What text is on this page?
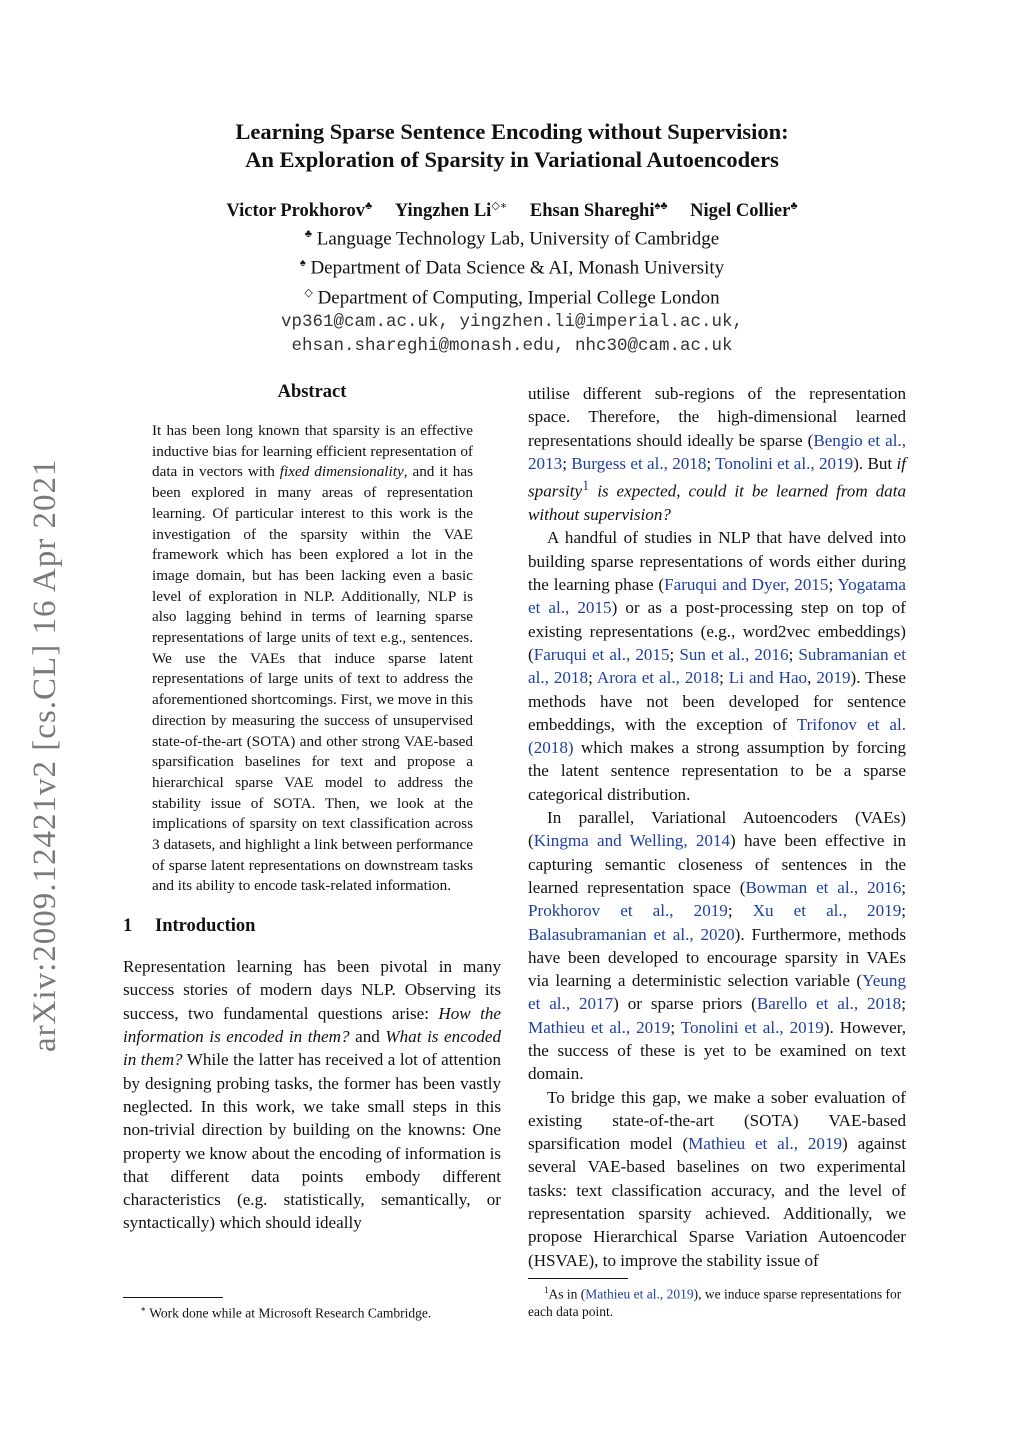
arXiv:2009.12421v2 [cs.CL] 16 Apr 2021
Learning Sparse Sentence Encoding without Supervision:
An Exploration of Sparsity in Variational Autoencoders
Victor Prokhorov♣ Yingzhen Li◇∗ Ehsan Shareghi♠♣ Nigel Collier♣
♣ Language Technology Lab, University of Cambridge
♠ Department of Data Science & AI, Monash University
◇ Department of Computing, Imperial College London
vp361@cam.ac.uk, yingzhen.li@imperial.ac.uk,
ehsan.shareghi@monash.edu, nhc30@cam.ac.uk
Abstract

It has been long known that sparsity is an effective inductive bias for learning efficient representation of data in vectors with fixed dimensionality, and it has been explored in many areas of representation learning. Of particular interest to this work is the investigation of the sparsity within the VAE framework which has been explored a lot in the image domain, but has been lacking even a basic level of exploration in NLP. Additionally, NLP is also lagging behind in terms of learning sparse representations of large units of text e.g., sentences. We use the VAEs that induce sparse latent representations of large units of text to address the aforementioned shortcomings. First, we move in this direction by measuring the success of unsupervised state-of-the-art (SOTA) and other strong VAE-based sparsification baselines for text and propose a hierarchical sparse VAE model to address the stability issue of SOTA. Then, we look at the implications of sparsity on text classification across 3 datasets, and highlight a link between performance of sparse latent representations on downstream tasks and its ability to encode task-related information.

1 Introduction

Representation learning has been pivotal in many success stories of modern days NLP. Observing its success, two fundamental questions arise: How the information is encoded in them? and What is encoded in them? While the latter has received a lot of attention by designing probing tasks, the former has been vastly neglected. In this work, we take small steps in this non-trivial direction by building on the knowns: One property we know about the encoding of information is that different data points embody different characteristics (e.g. statistically, semantically, or syntactically) which should ideally

utilise different sub-regions of the representation space. Therefore, the high-dimensional learned representations should ideally be sparse (Bengio et al., 2013; Burgess et al., 2018; Tonolini et al., 2019). But if sparsity$^1$ is expected, could it be learned from data without supervision?

A handful of studies in NLP that have delved into building sparse representations of words either during the learning phase (Faruqui and Dyer, 2015; Yogatama et al., 2015) or as a post-processing step on top of existing representations (e.g., word2vec embeddings) (Faruqui et al., 2015; Sun et al., 2016; Subramanian et al., 2018; Arora et al., 2018; Li and Hao, 2019). These methods have not been developed for sentence embeddings, with the exception of Trifonov et al. (2018) which makes a strong assumption by forcing the latent sentence representation to be a sparse categorical distribution.

In parallel, Variational Autoencoders (VAEs) (Kingma and Welling, 2014) have been effective in capturing semantic closeness of sentences in the learned representation space (Bowman et al., 2016; Prokhorov et al., 2019; Xu et al., 2019; Balasubramanian et al., 2020). Furthermore, methods have been developed to encourage sparsity in VAEs via learning a deterministic selection variable (Yeung et al., 2017) or sparse priors (Barello et al., 2018; Mathieu et al., 2019; Tonolini et al., 2019). However, the success of these is yet to be examined on text domain.

To bridge this gap, we make a sober evaluation of existing state-of-the-art (SOTA) VAE-based sparsification model (Mathieu et al., 2019) against several VAE-based baselines on two experimental tasks: text classification accuracy, and the level of representation sparsity achieved. Additionally, we propose Hierarchical Sparse Variation Autoencoder (HSVAE), to improve the stability issue of

∗ Work done while at Microsoft Research Cambridge.
$^1$As in (Mathieu et al., 2019), we induce sparse representations for each data point.
